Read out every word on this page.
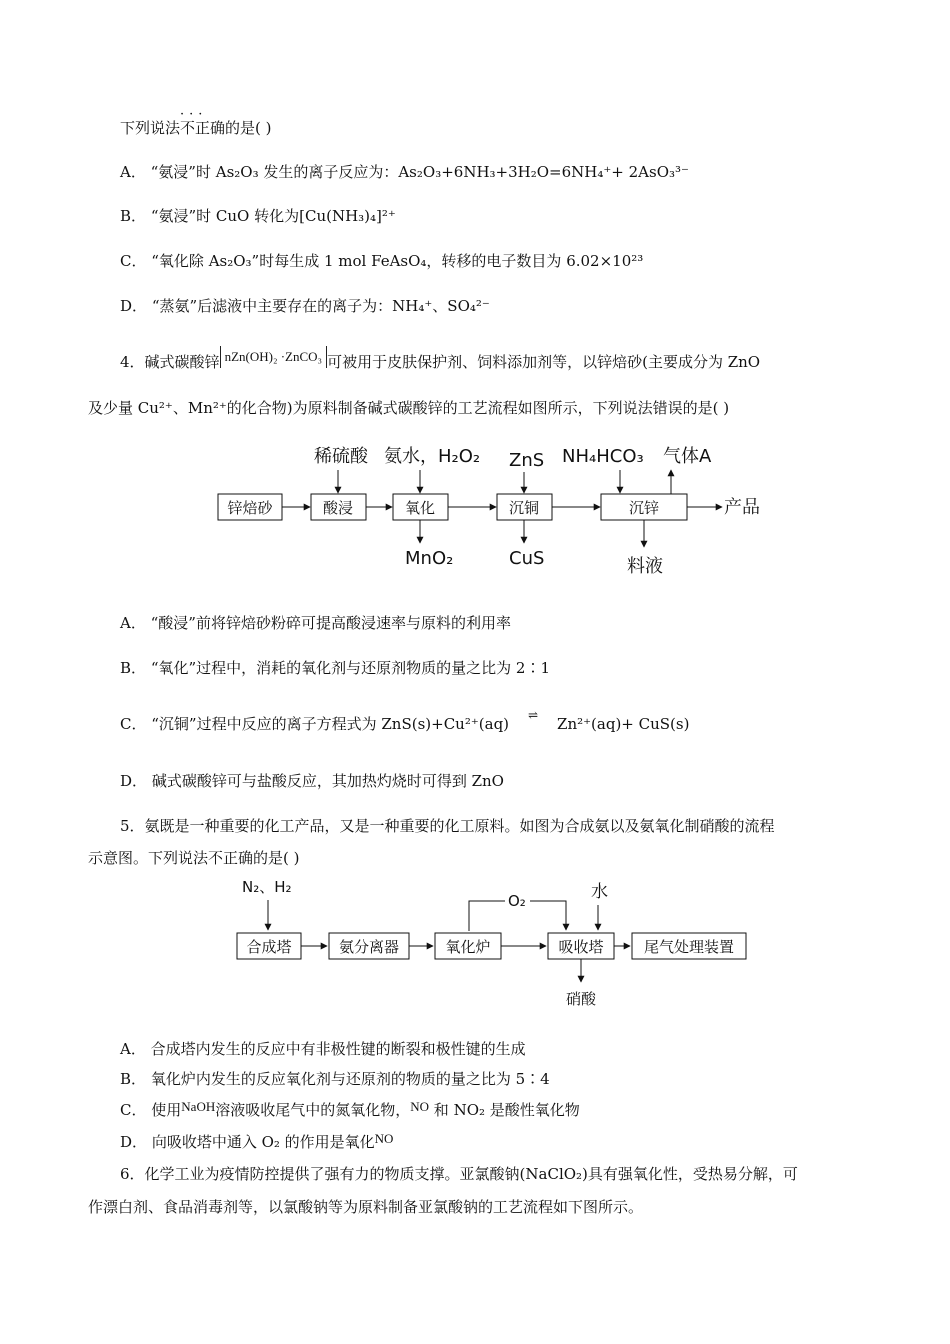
下列说法
···
不正确的是( )
A． “氨浸”时 As₂O₃ 发生的离子反应为：As₂O₃+6NH₃+3H₂O=6NH₄⁺+ 2AsO₃³⁻
B． “氨浸”时 CuO 转化为[Cu(NH₃)₄]²⁺
C． “氧化除 As₂O₃”时每生成 1 mol FeAsO₄，转移的电子数目为 6.02×10²³
D． “蒸氨”后滤液中主要存在的离子为：NH₄⁺、SO₄²⁻
4．碱式碳酸锌 nZn(OH)₂ ·ZnCO₃ 可被用于皮肤保护剂、饲料添加剂等，以锌焙砂(主要成分为 ZnO
及少量 Cu²⁺、Mn²⁺的化合物)为原料制备碱式碳酸锌的工艺流程如图所示，下列说法错误的是( )
锌焙砂	酸浸	氧化	沉铜	沉锌	产品
稀硫酸 氨水，H₂O₂ ZnS NH₄HCO₃ 气体A
MnO₂	CuS	料液
N₂、H₂
合成塔	氨分离器	氧化炉	吸收塔	尾气处理装置
O₂	水
硝酸
A． “酸浸”前将锌焙砂粉碎可提高酸浸速率与原料的利用率
B． “氧化”过程中，消耗的氧化剂与还原剂物质的量之比为 2∶1
C． “沉铜”过程中反应的离子方程式为 ZnS(s)+Cu²⁺(aq) ⇌ Zn²⁺(aq)+ CuS(s)
D． 碱式碳酸锌可与盐酸反应，其加热灼烧时可得到 ZnO
5．氨既是一种重要的化工产品，又是一种重要的化工原料。如图为合成氨以及氨氧化制硝酸的流程
示意图。下列说法不正确的是( )
A． 合成塔内发生的反应中有非极性键的断裂和极性键的生成
B． 氧化炉内发生的反应氧化剂与还原剂的物质的量之比为 5∶4
C． 使用NaOH溶液吸收尾气中的氮氧化物，NO 和 NO₂ 是酸性氧化物
D． 向吸收塔中通入 O₂ 的作用是氧化NO
6．化学工业为疫情防控提供了强有力的物质支撑。亚氯酸钠(NaClO₂)具有强氧化性，受热易分解，可
作漂白剂、食品消毒剂等，以氯酸钠等为原料制备亚氯酸钠的工艺流程如下图所示。
